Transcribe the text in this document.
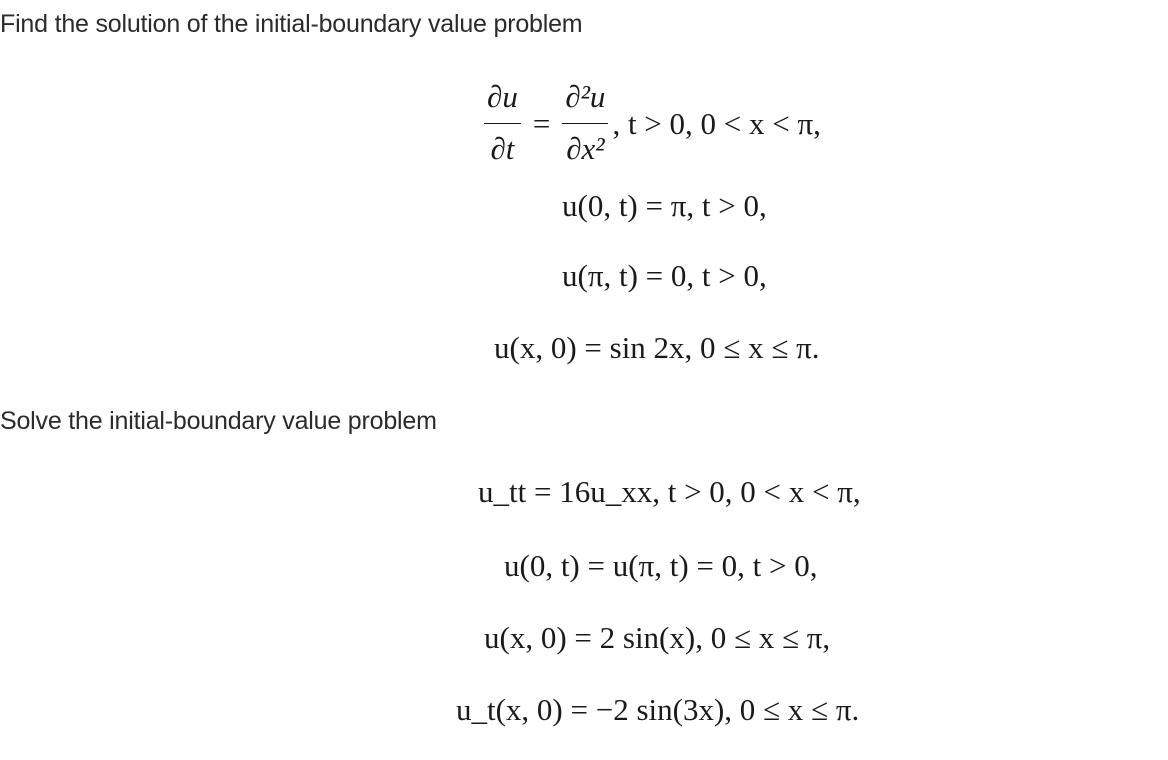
Find the solution of the initial-boundary value problem
$\frac{\partial u}{\partial t} = \frac{\text{∂²u}}{\text{∂x²}}$ , t > 0, 0 < x < π,
u(0, t) = π, t > 0,
u(π, t) = 0, t > 0,
u(x, 0) = sin 2x, 0 ≤ x ≤ π.
Solve the initial-boundary value problem
u_tt = 16u_xx, t > 0, 0 < x < π,
u(0, t) = u(π, t) = 0, t > 0,
u(x, 0) = 2 sin(x), 0 ≤ x ≤ π,
u_t(x, 0) = −2 sin(3x), 0 ≤ x ≤ π.
